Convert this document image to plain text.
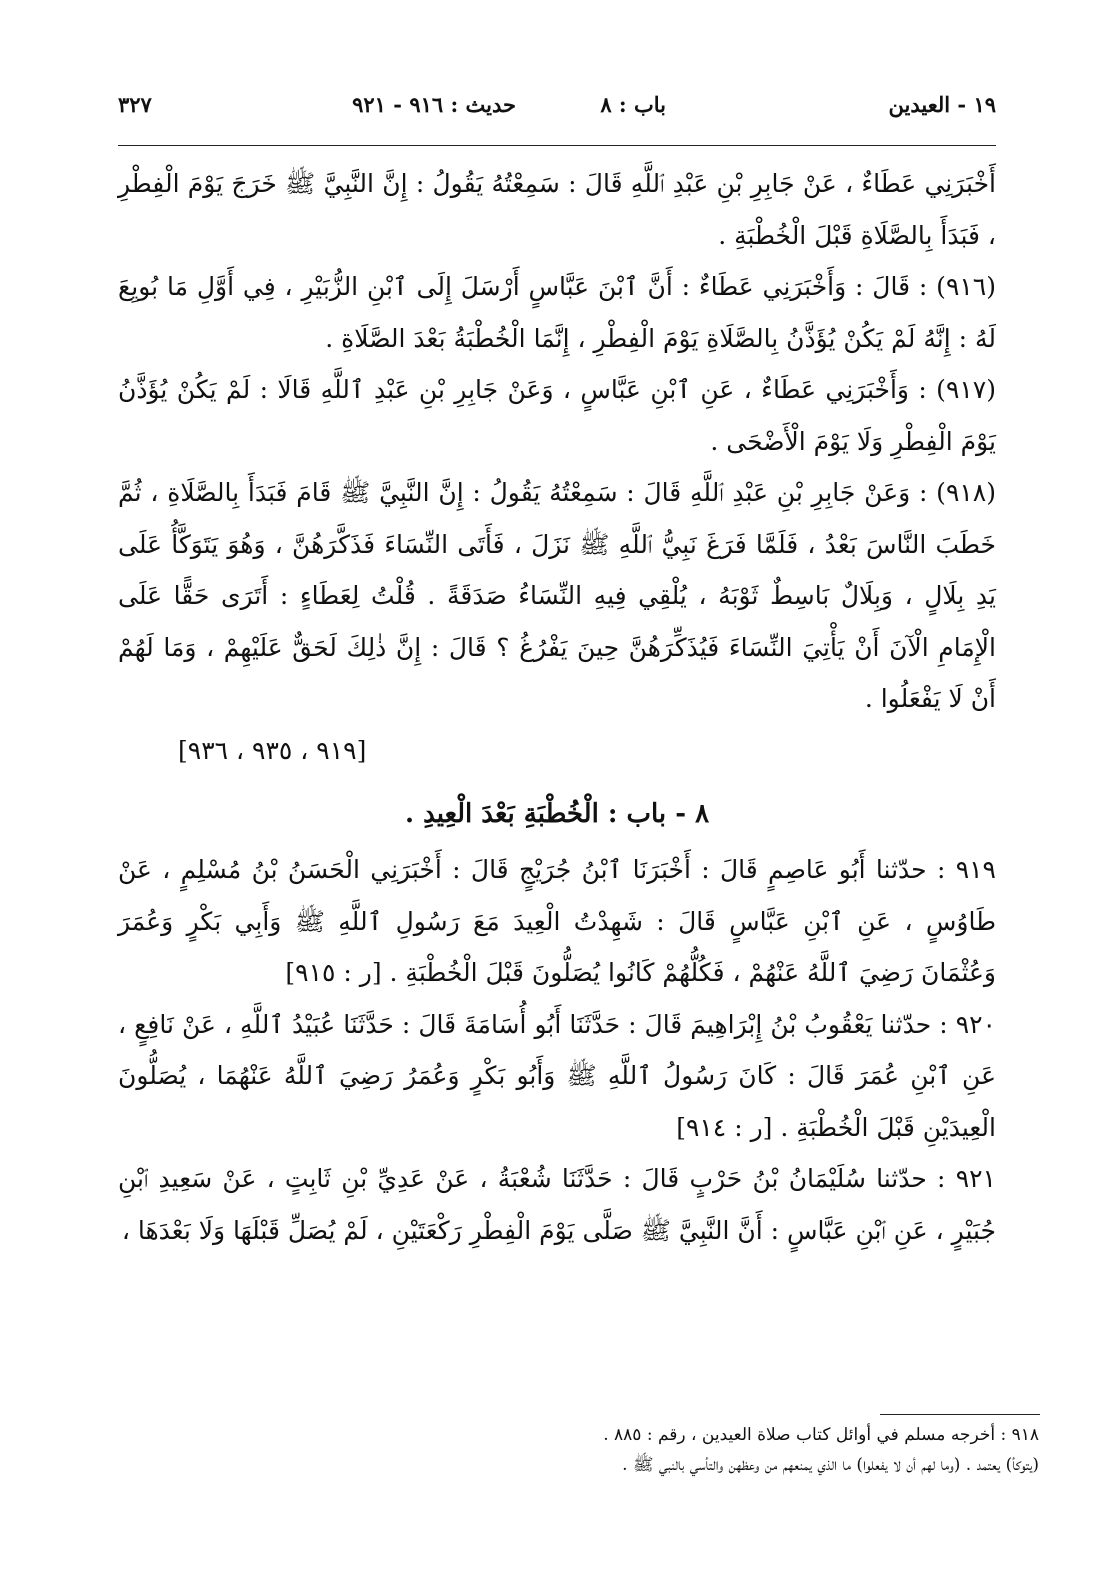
١٩ - العيدين
باب : ٨
حديث : ٩١٦ - ٩٢١
٣٢٧

أَخْبَرَنِي عَطَاءٌ ، عَنْ جَابِرِ بْنِ عَبْدِ ٱللَّهِ قَالَ : سَمِعْتُهُ يَقُولُ : إِنَّ النَّبِيَّ ﷺ خَرَجَ يَوْمَ الْفِطْرِ ، فَبَدَأَ بِالصَّلَاةِ قَبْلَ الْخُطْبَةِ .

(٩١٦) : قَالَ : وَأَخْبَرَنِي عَطَاءٌ : أَنَّ ٱبْنَ عَبَّاسٍ أَرْسَلَ إِلَى ٱبْنِ الزُّبَيْرِ ، فِي أَوَّلِ مَا بُويِعَ لَهُ : إِنَّهُ لَمْ يَكُنْ يُؤَذَّنُ بِالصَّلَاةِ يَوْمَ الْفِطْرِ ، إِنَّمَا الْخُطْبَةُ بَعْدَ الصَّلَاةِ .

(٩١٧) : وَأَخْبَرَنِي عَطَاءٌ ، عَنِ ٱبْنِ عَبَّاسٍ ، وَعَنْ جَابِرِ بْنِ عَبْدِ ٱللَّهِ قَالَا : لَمْ يَكُنْ يُؤَذَّنُ يَوْمَ الْفِطْرِ وَلَا يَوْمَ الْأَضْحَى .

(٩١٨) : وَعَنْ جَابِرِ بْنِ عَبْدِ ٱللَّهِ قَالَ : سَمِعْتُهُ يَقُولُ : إِنَّ النَّبِيَّ ﷺ قَامَ فَبَدَأَ بِالصَّلَاةِ ، ثُمَّ خَطَبَ النَّاسَ بَعْدُ ، فَلَمَّا فَرَغَ نَبِيُّ ٱللَّهِ ﷺ نَزَلَ ، فَأَتَى النِّسَاءَ فَذَكَّرَهُنَّ ، وَهُوَ يَتَوَكَّأُ عَلَى يَدِ بِلَالٍ ، وَبِلَالٌ بَاسِطٌ ثَوْبَهُ ، يُلْقِي فِيهِ النِّسَاءُ صَدَقَةً . قُلْتُ لِعَطَاءٍ : أَتَرَى حَقًّا عَلَى الْإِمَامِ الْآنَ أَنْ يَأْتِيَ النِّسَاءَ فَيُذَكِّرَهُنَّ حِينَ يَفْرُغُ ؟ قَالَ : إِنَّ ذٰلِكَ لَحَقٌّ عَلَيْهِمْ ، وَمَا لَهُمْ أَنْ لَا يَفْعَلُوا .

[٩١٩ ، ٩٣٥ ، ٩٣٦]

٨ - باب : الْخُطْبَةِ بَعْدَ الْعِيدِ .

٩١٩ : حدّثنا أَبُو عَاصِمٍ قَالَ : أَخْبَرَنَا ٱبْنُ جُرَيْجٍ قَالَ : أَخْبَرَنِي الْحَسَنُ بْنُ مُسْلِمٍ ، عَنْ طَاوُسٍ ، عَنِ ٱبْنِ عَبَّاسٍ قَالَ : شَهِدْتُ الْعِيدَ مَعَ رَسُولِ ٱللَّهِ ﷺ وَأَبِي بَكْرٍ وَعُمَرَ وَعُثْمَانَ رَضِيَ ٱللَّهُ عَنْهُمْ ، فَكُلُّهُمْ كَانُوا يُصَلُّونَ قَبْلَ الْخُطْبَةِ . [ر : ٩١٥]

٩٢٠ : حدّثنا يَعْقُوبُ بْنُ إِبْرَاهِيمَ قَالَ : حَدَّثَنَا أَبُو أُسَامَةَ قَالَ : حَدَّثَنَا عُبَيْدُ ٱللَّهِ ، عَنْ نَافِعٍ ، عَنِ ٱبْنِ عُمَرَ قَالَ : كَانَ رَسُولُ ٱللَّهِ ﷺ وَأَبُو بَكْرٍ وَعُمَرُ رَضِيَ ٱللَّهُ عَنْهُمَا ، يُصَلُّونَ الْعِيدَيْنِ قَبْلَ الْخُطْبَةِ . [ر : ٩١٤]

٩٢١ : حدّثنا سُلَيْمَانُ بْنُ حَرْبٍ قَالَ : حَدَّثَنَا شُعْبَةُ ، عَنْ عَدِيِّ بْنِ ثَابِتٍ ، عَنْ سَعِيدِ ٱبْنِ جُبَيْرٍ ، عَنِ ٱبْنِ عَبَّاسٍ : أَنَّ النَّبِيَّ ﷺ صَلَّى يَوْمَ الْفِطْرِ رَكْعَتَيْنِ ، لَمْ يُصَلِّ قَبْلَهَا وَلَا بَعْدَهَا ،

٩١٨ : أخرجه مسلم في أوائل كتاب صلاة العيدين ، رقم : ٨٨٥ .

(يتوكأ) يعتمد . (وما لهم أن لا يفعلوا) ما الذي يمنعهم من وعظهن والتأسي بالنبي ﷺ .
